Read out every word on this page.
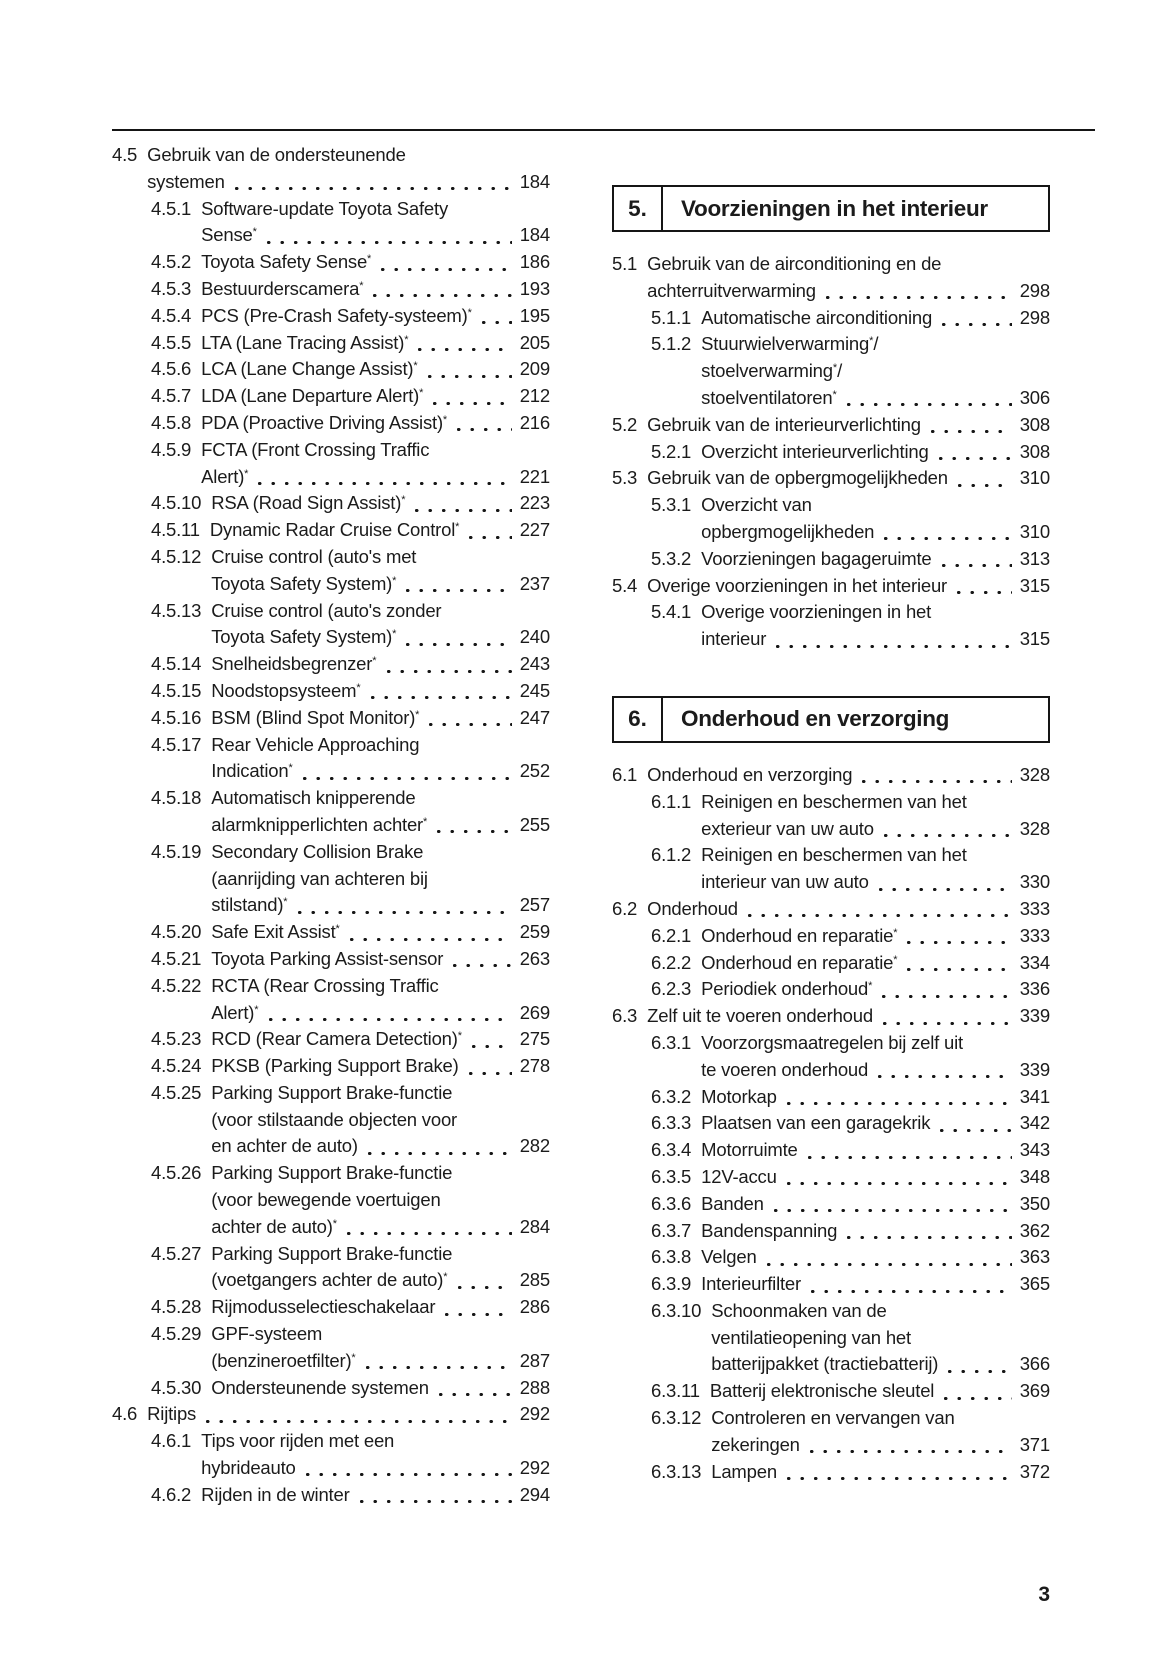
4.5 Gebruik van de ondersteunende
systemen	184
4.5.1 Software-update Toyota Safety
Sense*	184
4.5.2 Toyota Safety Sense*	186
4.5.3 Bestuurderscamera*	193
4.5.4 PCS (Pre-Crash Safety-systeem)*	195
4.5.5 LTA (Lane Tracing Assist)*	205
4.5.6 LCA (Lane Change Assist)*	209
4.5.7 LDA (Lane Departure Alert)*	212
4.5.8 PDA (Proactive Driving Assist)*	216
4.5.9 FCTA (Front Crossing Traffic
Alert)*	221
4.5.10 RSA (Road Sign Assist)*	223
4.5.11 Dynamic Radar Cruise Control*	227
4.5.12 Cruise control (auto's met
Toyota Safety System)*	237
4.5.13 Cruise control (auto's zonder
Toyota Safety System)*	240
4.5.14 Snelheidsbegrenzer*	243
4.5.15 Noodstopsysteem*	245
4.5.16 BSM (Blind Spot Monitor)*	247
4.5.17 Rear Vehicle Approaching
Indication*	252
4.5.18 Automatisch knipperende
alarmknipperlichten achter*	255
4.5.19 Secondary Collision Brake
(aanrijding van achteren bij
stilstand)*	257
4.5.20 Safe Exit Assist*	259
4.5.21 Toyota Parking Assist-sensor	263
4.5.22 RCTA (Rear Crossing Traffic
Alert)*	269
4.5.23 RCD (Rear Camera Detection)*	275
4.5.24 PKSB (Parking Support Brake)	278
4.5.25 Parking Support Brake-functie
(voor stilstaande objecten voor
en achter de auto)	282
4.5.26 Parking Support Brake-functie
(voor bewegende voertuigen
achter de auto)*	284
4.5.27 Parking Support Brake-functie
(voetgangers achter de auto)*	285
4.5.28 Rijmodusselectieschakelaar	286
4.5.29 GPF-systeem
(benzineroetfilter)*	287
4.5.30 Ondersteunende systemen	288
4.6 Rijtips	292
4.6.1 Tips voor rijden met een
hybrideauto	292
4.6.2 Rijden in de winter	294
5.	Voorzieningen in het interieur
5.1 Gebruik van de airconditioning en de
achterruitverwarming	298
5.1.1 Automatische airconditioning	298
5.1.2 Stuurwielverwarming*/
stoelverwarming*/
stoelventilatoren*	306
5.2 Gebruik van de interieurverlichting	308
5.2.1 Overzicht interieurverlichting	308
5.3 Gebruik van de opbergmogelijkheden	310
5.3.1 Overzicht van
opbergmogelijkheden	310
5.3.2 Voorzieningen bagageruimte	313
5.4 Overige voorzieningen in het interieur	315
5.4.1 Overige voorzieningen in het
interieur	315
6.	Onderhoud en verzorging
6.1 Onderhoud en verzorging	328
6.1.1 Reinigen en beschermen van het
exterieur van uw auto	328
6.1.2 Reinigen en beschermen van het
interieur van uw auto	330
6.2 Onderhoud	333
6.2.1 Onderhoud en reparatie*	333
6.2.2 Onderhoud en reparatie*	334
6.2.3 Periodiek onderhoud*	336
6.3 Zelf uit te voeren onderhoud	339
6.3.1 Voorzorgsmaatregelen bij zelf uit
te voeren onderhoud	339
6.3.2 Motorkap	341
6.3.3 Plaatsen van een garagekrik	342
6.3.4 Motorruimte	343
6.3.5 12V-accu	348
6.3.6 Banden	350
6.3.7 Bandenspanning	362
6.3.8 Velgen	363
6.3.9 Interieurfilter	365
6.3.10 Schoonmaken van de
ventilatieopening van het
batterijpakket (tractiebatterij)	366
6.3.11 Batterij elektronische sleutel	369
6.3.12 Controleren en vervangen van
zekeringen	371
6.3.13 Lampen	372
3
